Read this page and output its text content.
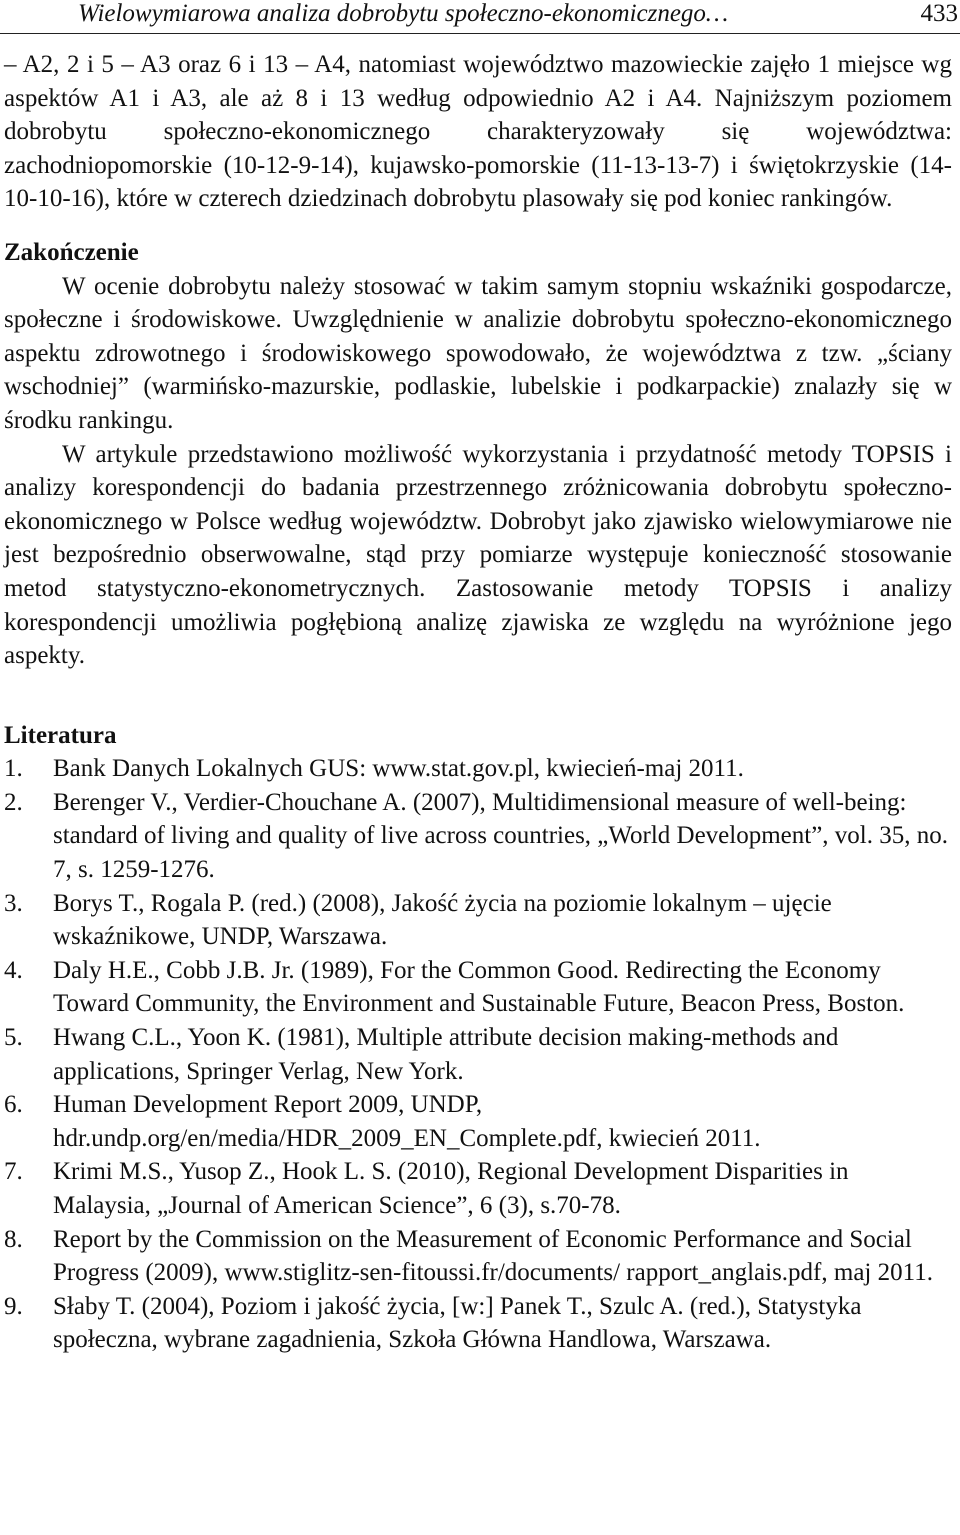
Wielowymiarowa analiza dobrobytu społeczno-ekonomicznego…	433

– A2, 2 i 5 – A3 oraz 6 i 13 – A4, natomiast województwo mazowieckie zajęło 1 miejsce wg aspektów A1 i A3, ale aż 8 i 13 według odpowiednio A2 i A4. Najniższym poziomem dobrobytu społeczno-ekonomicznego charakteryzowały się województwa: zachodniopomorskie (10-12-9-14), kujawsko-pomorskie (11-13-13-7) i świętokrzyskie (14-10-10-16), które w czterech dziedzinach dobrobytu plasowały się pod koniec rankingów.

Zakończenie

W ocenie dobrobytu należy stosować w takim samym stopniu wskaźniki gospodarcze, społeczne i środowiskowe. Uwzględnienie w analizie dobrobytu społeczno-ekonomicznego aspektu zdrowotnego i środowiskowego spowodowało, że województwa z tzw. „ściany wschodniej” (warmińsko-mazurskie, podlaskie, lubelskie i podkarpackie) znalazły się w środku rankingu.

W artykule przedstawiono możliwość wykorzystania i przydatność metody TOPSIS i analizy korespondencji do badania przestrzennego zróżnicowania dobrobytu społeczno-ekonomicznego w Polsce według województw. Dobrobyt jako zjawisko wielowymiarowe nie jest bezpośrednio obserwowalne, stąd przy pomiarze występuje konieczność stosowanie metod statystyczno-ekonometrycznych. Zastosowanie metody TOPSIS i analizy korespondencji umożliwia pogłębioną analizę zjawiska ze względu na wyróżnione jego aspekty.

Literatura
1. Bank Danych Lokalnych GUS: www.stat.gov.pl, kwiecień-maj 2011.
2. Berenger V., Verdier-Chouchane A. (2007), Multidimensional measure of well-being: standard of living and quality of live across countries, „World Development”, vol. 35, no. 7, s. 1259-1276.
3. Borys T., Rogala P. (red.) (2008), Jakość życia na poziomie lokalnym – ujęcie wskaźnikowe, UNDP, Warszawa.
4. Daly H.E., Cobb J.B. Jr. (1989), For the Common Good. Redirecting the Economy Toward Community, the Environment and Sustainable Future, Beacon Press, Boston.
5. Hwang C.L., Yoon K. (1981), Multiple attribute decision making-methods and applications, Springer Verlag, New York.
6. Human Development Report 2009, UNDP, hdr.undp.org/en/media/HDR_2009_EN_Complete.pdf, kwiecień 2011.
7. Krimi M.S., Yusop Z., Hook L. S. (2010), Regional Development Disparities in Malaysia, „Journal of American Science”, 6 (3), s.70-78.
8. Report by the Commission on the Measurement of Economic Performance and Social Progress (2009), www.stiglitz-sen-fitoussi.fr/documents/ rapport_anglais.pdf, maj 2011.
9. Słaby T. (2004), Poziom i jakość życia, [w:] Panek T., Szulc A. (red.), Statystyka społeczna, wybrane zagadnienia, Szkoła Główna Handlowa, Warszawa.
